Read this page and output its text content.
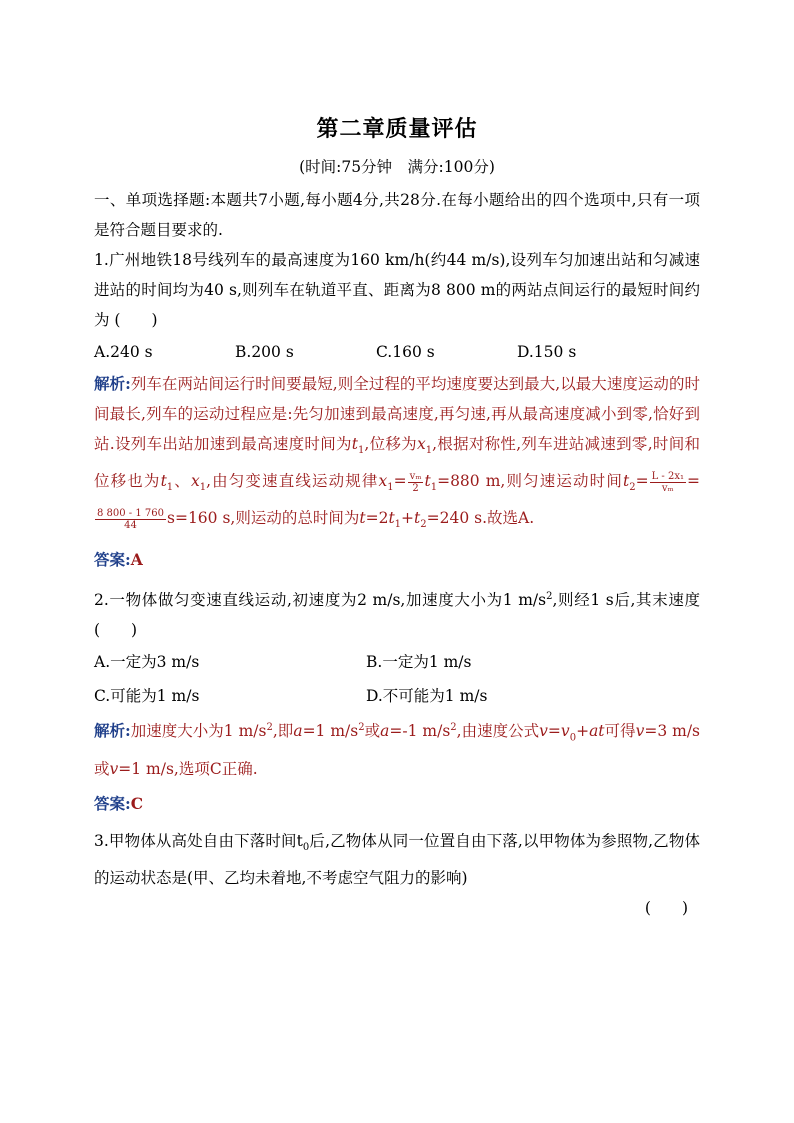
第二章质量评估
(时间:75分钟　满分:100分)
一、单项选择题:本题共7小题,每小题4分,共28分.在每小题给出的四个选项中,只有一项是符合题目要求的.
1.广州地铁18号线列车的最高速度为160 km/h(约44 m/s),设列车匀加速出站和匀减速进站的时间均为40 s,则列车在轨道平直、距离为8 800 m的两站点间运行的最短时间约为 (　　)
A.240 s	B.200 s	C.160 s	D.150 s
解析:列车在两站间运行时间要最短,则全过程的平均速度要达到最大,以最大速度运动的时间最长,列车的运动过程应是:先匀加速到最高速度,再匀速,再从最高速度减小到零,恰好到站.设列车出站加速到最高速度时间为$t_1$,位移为$x_1$,根据对称性,列车进站减速到零,时间和位移也为$t_1$、$x_1$,由匀变速直线运动规律$x_1= \frac{\text{vₘ}}{2} t_1=880$ m,则匀速运动时间$t_2= \frac{\text{L - 2x₁}}{\text{vₘ}}$ =
$\frac{8 800 - 1 760}{44} s=160$ s,则运动的总时间为$t=2t_1+t_2=240$ s.故选A.
答案:A
2.一物体做匀变速直线运动,初速度为2 m/s,加速度大小为1 $m/s^2$,则经1 s后,其末速度 (　　)
A.一定为3 m/s	B.一定为1 m/s
C.可能为1 m/s	D.不可能为1 m/s
解析:加速度大小为1 $m/s^2$,即a=1 $m/s^2$或a=-1 $m/s^2$,由速度公式$v=v_0+at$可得v=3 m/s或v=1 m/s,选项C正确.
答案:C
3.甲物体从高处自由下落时间$t_0$后,乙物体从同一位置自由下落,以甲物体为参照物,乙物体的运动状态是(甲、乙均未着地,不考虑空气阻力的影响)
(　　)
